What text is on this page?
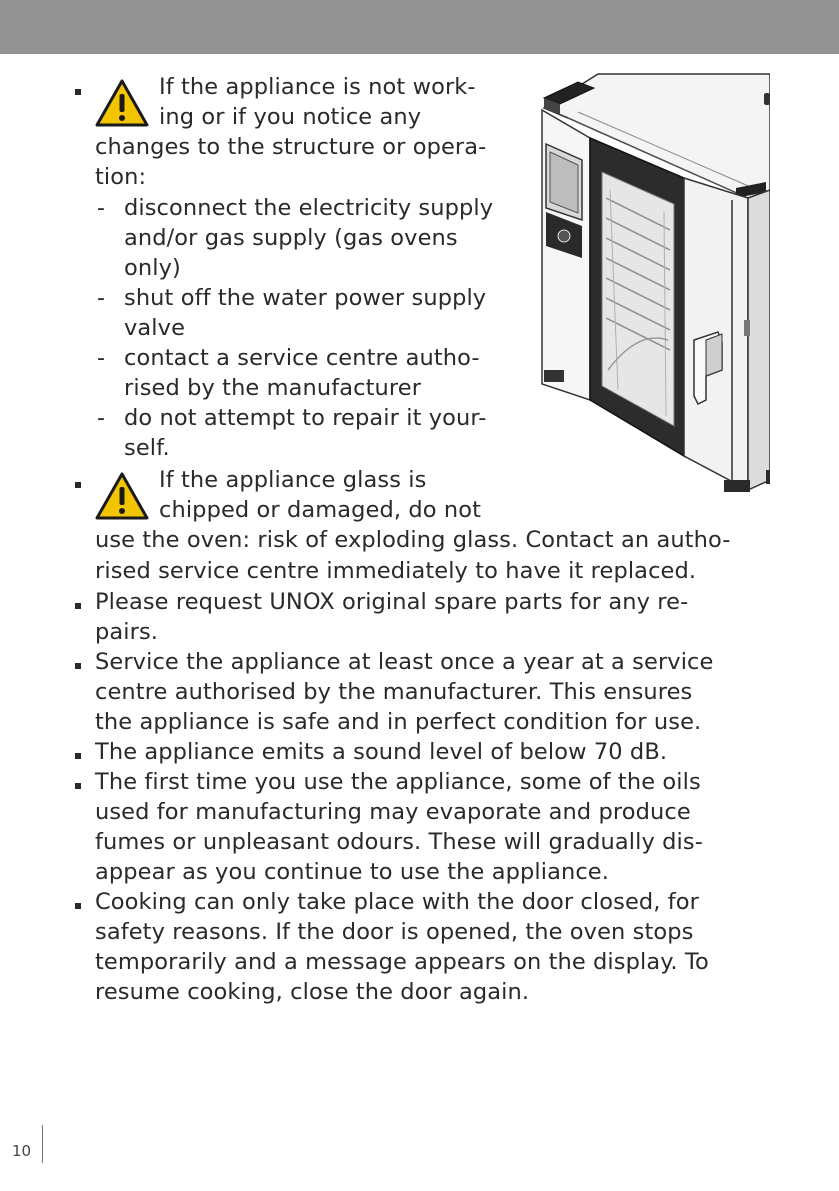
If the appliance is not work-
ing or if you notice any
changes to the structure or opera-
tion:
- disconnect the electricity supply
and/or gas supply (gas ovens
only)
- shut off the water power supply
valve
- contact a service centre autho-
rised by the manufacturer
- do not attempt to repair it your-
self.
If the appliance glass is
chipped or damaged, do not
use the oven: risk of exploding glass. Contact an autho-
rised service centre immediately to have it replaced.
Please request UNOX original spare parts for any re-
pairs.
Service the appliance at least once a year at a service
centre authorised by the manufacturer. This ensures
the appliance is safe and in perfect condition for use.
The appliance emits a sound level of below 70 dB.
The first time you use the appliance, some of the oils
used for manufacturing may evaporate and produce
fumes or unpleasant odours. These will gradually dis-
appear as you continue to use the appliance.
Cooking can only take place with the door closed, for
safety reasons. If the door is opened, the oven stops
temporarily and a message appears on the display. To
resume cooking, close the door again.
10
